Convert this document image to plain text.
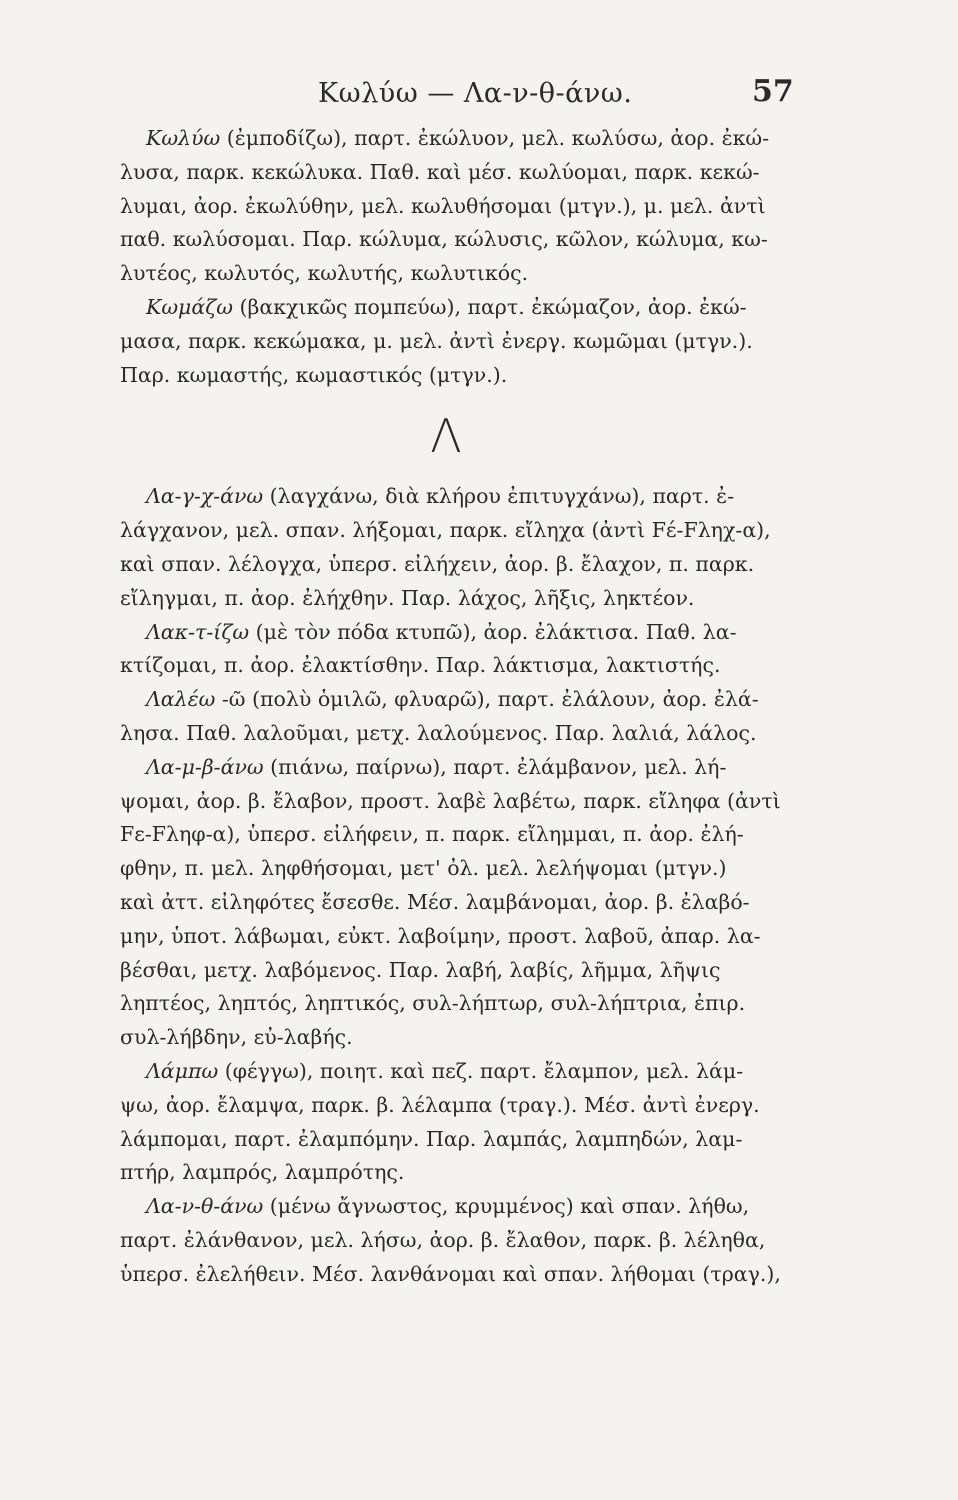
Κωλύω — Λα-ν-θ-άνω.	57
Κωλύω (ἐμποδίζω), παρτ. ἐκώλυον, μελ. κωλύσω, ἀορ. ἐκώ-
λυσα, παρκ. κεκώλυκα. Παθ. καὶ μέσ. κωλύομαι, παρκ. κεκώ-
λυμαι, ἀορ. ἐκωλύθην, μελ. κωλυθήσομαι (μτγν.), μ. μελ. ἀντὶ
παθ. κωλύσομαι. Παρ. κώλυμα, κώλυσις, κῶλον, κώλυμα, κω-
λυτέος, κωλυτός, κωλυτής, κωλυτικός.
Κωμάζω (βακχικῶς πομπεύω), παρτ. ἐκώμαζον, ἀορ. ἐκώ-
μασα, παρκ. κεκώμακα, μ. μελ. ἀντὶ ἐνεργ. κωμῶμαι (μτγν.).
Παρ. κωμαστής, κωμαστικός (μτγν.).
Λ
Λα-γ-χ-άνω (λαγχάνω, διὰ κλήρου ἐπιτυγχάνω), παρτ. ἐ-
λάγχανον, μελ. σπαν. λήξομαι, παρκ. εἴληχα (ἀντὶ Fέ-Fληχ-α),
καὶ σπαν. λέλογχα, ὑπερσ. εἰλήχειν, ἀορ. β. ἔλαχον, π. παρκ.
εἴληγμαι, π. ἀορ. ἐλήχθην. Παρ. λάχος, λῆξις, ληκτέον.
Λακ-τ-ίζω (μὲ τὸν πόδα κτυπῶ), ἀορ. ἐλάκτισα. Παθ. λα-
κτίζομαι, π. ἀορ. ἐλακτίσθην. Παρ. λάκτισμα, λακτιστής.
Λαλέω -ῶ (πολὺ ὁμιλῶ, φλυαρῶ), παρτ. ἐλάλουν, ἀορ. ἐλά-
λησα. Παθ. λαλοῦμαι, μετχ. λαλούμενος. Παρ. λαλιά, λάλος.
Λα-μ-β-άνω (πιάνω, παίρνω), παρτ. ἐλάμβανον, μελ. λή-
ψομαι, ἀορ. β. ἔλαβον, προστ. λαβὲ λαβέτω, παρκ. εἴληφα (ἀντὶ
Fε-Fληφ-α), ὑπερσ. εἰλήφειν, π. παρκ. εἴλημμαι, π. ἀορ. ἐλή-
φθην, π. μελ. ληφθήσομαι, μετ' ὀλ. μελ. λελήψομαι (μτγν.)
καὶ ἀττ. εἰληφότες ἔσεσθε. Μέσ. λαμβάνομαι, ἀορ. β. ἐλαβό-
μην, ὑποτ. λάβωμαι, εὐκτ. λαβοίμην, προστ. λαβοῦ, ἀπαρ. λα-
βέσθαι, μετχ. λαβόμενος. Παρ. λαβή, λαβίς, λῆμμα, λῆψις
ληπτέος, ληπτός, ληπτικός, συλ-λήπτωρ, συλ-λήπτρια, ἐπιρ.
συλ-λήβδην, εὐ-λαβής.
Λάμπω (φέγγω), ποιητ. καὶ πεζ. παρτ. ἔλαμπον, μελ. λάμ-
ψω, ἀορ. ἔλαμψα, παρκ. β. λέλαμπα (τραγ.). Μέσ. ἀντὶ ἐνεργ.
λάμπομαι, παρτ. ἐλαμπόμην. Παρ. λαμπάς, λαμπηδών, λαμ-
πτήρ, λαμπρός, λαμπρότης.
Λα-ν-θ-άνω (μένω ἄγνωστος, κρυμμένος) καὶ σπαν. λήθω,
παρτ. ἐλάνθανον, μελ. λήσω, ἀορ. β. ἔλαθον, παρκ. β. λέληθα,
ὑπερσ. ἐλελήθειν. Μέσ. λανθάνομαι καὶ σπαν. λήθομαι (τραγ.),
